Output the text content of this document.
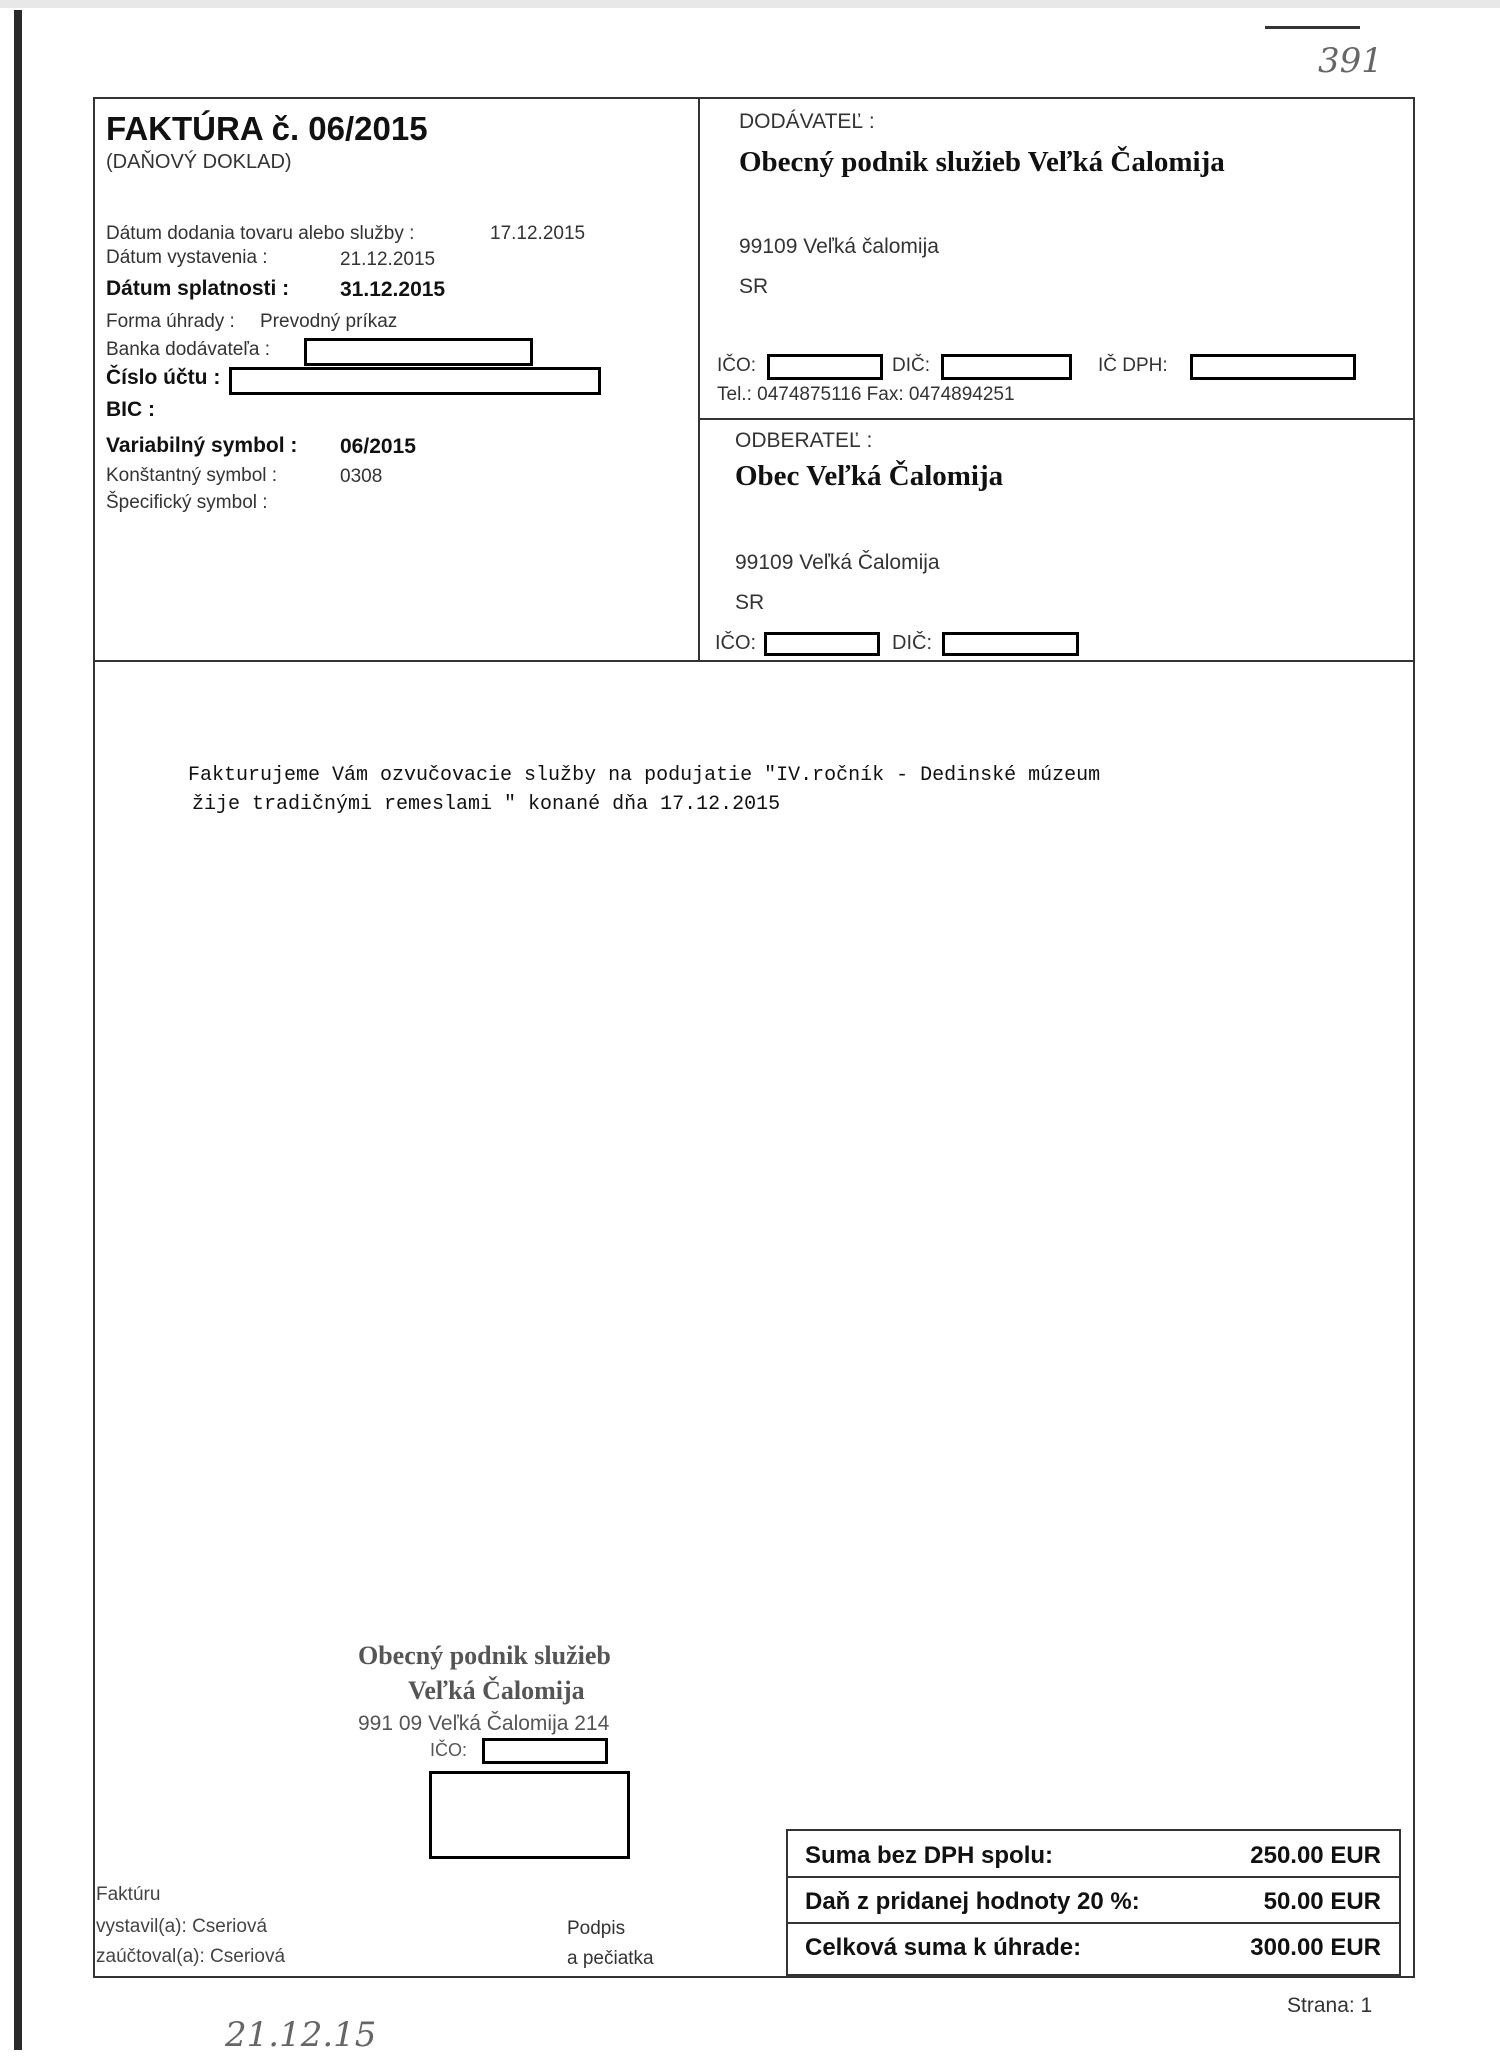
391
FAKTÚRA č. 06/2015
(DAŇOVÝ DOKLAD)
Dátum dodania tovaru alebo služby :	17.12.2015
Dátum vystavenia :	21.12.2015
Dátum splatnosti : 31.12.2015
Forma úhrady : Prevodný príkaz
Banka dodávateľa :
Číslo účtu :
BIC :
Variabilný symbol : 06/2015
Konštantný symbol :	0308
Špecifický symbol :
DODÁVATEĽ :
Obecný podnik služieb Veľká Čalomija
99109 Veľká čalomija
SR
IČO:	DIČ:	IČ DPH:
Tel.: 0474875116 Fax: 0474894251
ODBERATEĽ :
Obec Veľká Čalomija
99109 Veľká Čalomija
SR
IČO:	DIČ:
Fakturujeme Vám ozvučovacie služby na podujatie "IV.ročník - Dedinské múzeum
žije tradičnými remeslami " konané dňa 17.12.2015
Obecný podnik služieb
Veľká Čalomija
991 09 Veľká Čalomija 214
IČO:
Faktúru
vystavil(a): Cseriová
zaúčtoval(a): Cseriová
Podpis
a pečiatka
Strana: 1
21.12.15
Suma bez DPH spolu:	250.00 EUR
Daň z pridanej hodnoty 20 %:	50.00 EUR
Celková suma k úhrade:	300.00 EUR
